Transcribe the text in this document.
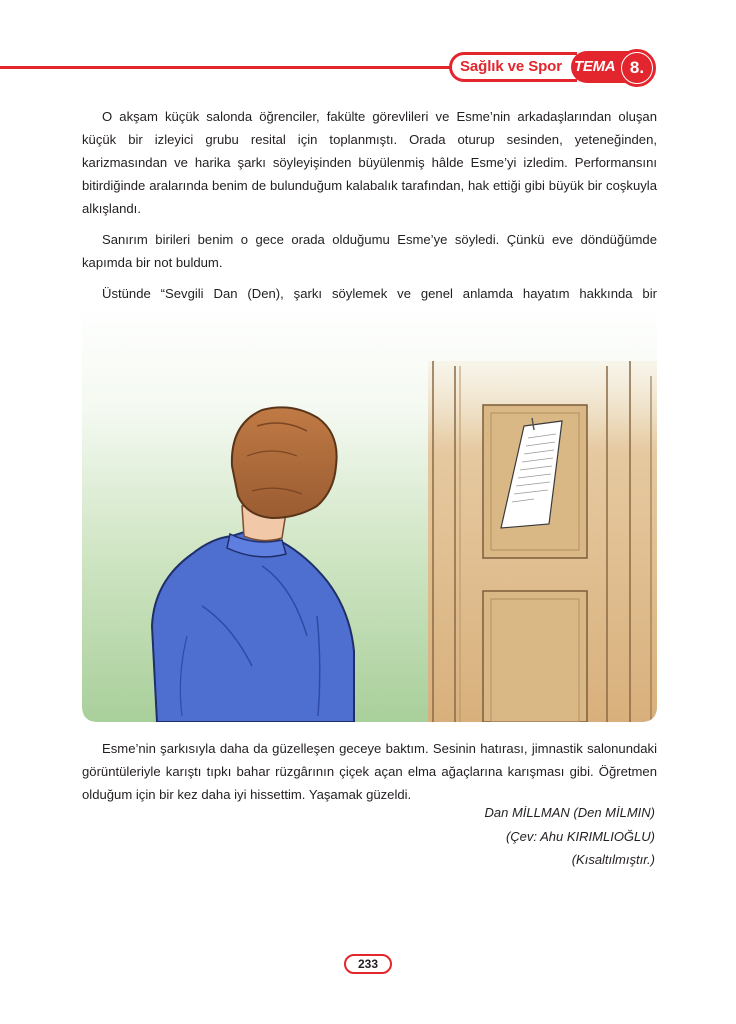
Sağlık ve Spor TEMA 8.

O akşam küçük salonda öğrenciler, fakülte görevlileri ve Esme’nin arkadaşlarından oluşan küçük bir izleyici grubu resital için toplanmıştı. Orada oturup sesinden, yeteneğinden, karizmasından ve harika şarkı söyleyişinden büyülenmiş hâlde Esme’yi izledim. Performansını bitirdiğinde aralarında benim de bulunduğum kalabalık tarafından, hak ettiği gibi büyük bir coşkuyla alkışlandı.

Sanırım birileri benim o gece orada olduğumu Esme’ye söyledi. Çünkü eve döndüğümde kapımda bir not buldum.

Üstünde “Sevgili Dan (Den), şarkı söylemek ve genel anlamda hayatım hakkında bir

Esme’nin şarkısıyla daha da güzelleşen geceye baktım. Sesinin hatırası, jimnastik salonundaki görüntüleriyle karıştı tıpkı bahar rüzgârının çiçek açan elma ağaçlarına karışması gibi. Öğretmen olduğum için bir kez daha iyi hissettim. Yaşamak güzeldi.

Dan MİLLMAN (Den MİLMIN)
(Çev: Ahu KIRIMLIOĞLU)
(Kısaltılmıştır.)
233
